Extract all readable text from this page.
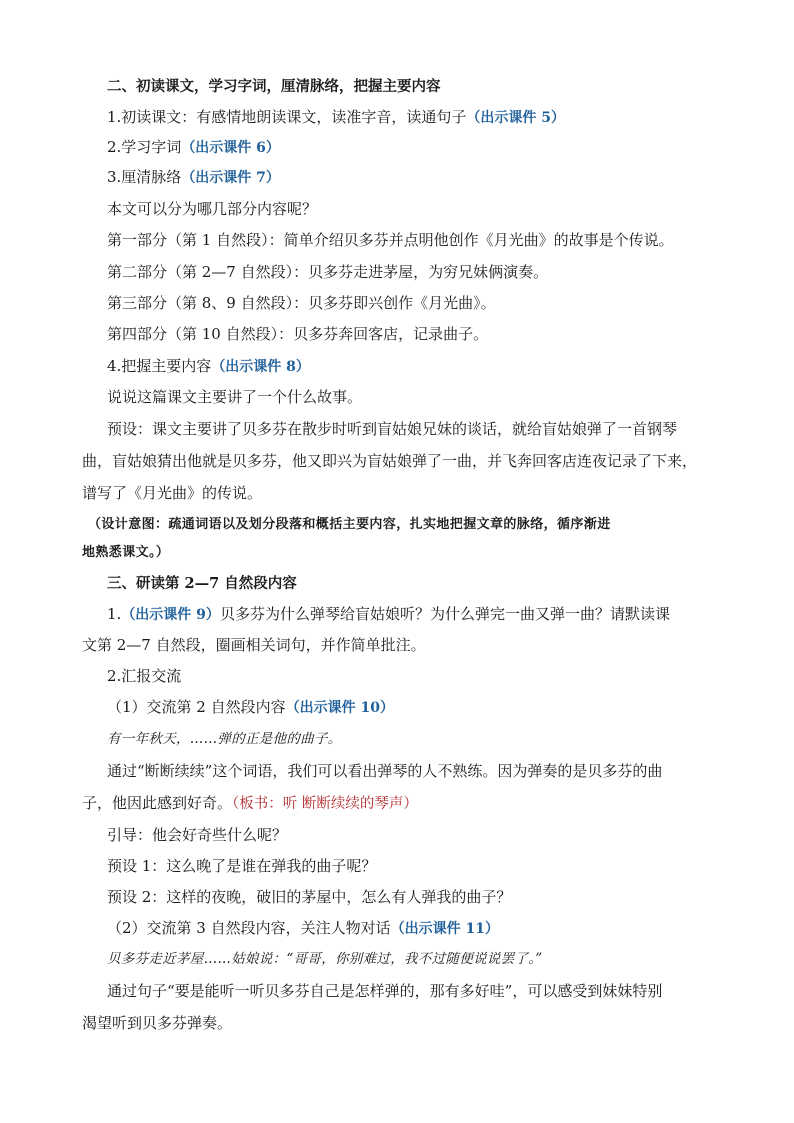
二、初读课文，学习字词，厘清脉络，把握主要内容
1.初读课文：有感情地朗读课文，读准字音，读通句子（出示课件 5）
2.学习字词（出示课件 6）
3.厘清脉络（出示课件 7）
本文可以分为哪几部分内容呢？
第一部分（第 1 自然段）：简单介绍贝多芬并点明他创作《月光曲》的故事是个传说。
第二部分（第 2—7 自然段）：贝多芬走进茅屋，为穷兄妹俩演奏。
第三部分（第 8、9 自然段）：贝多芬即兴创作《月光曲》。
第四部分（第 10 自然段）：贝多芬奔回客店，记录曲子。
4.把握主要内容（出示课件 8）
说说这篇课文主要讲了一个什么故事。
预设：课文主要讲了贝多芬在散步时听到盲姑娘兄妹的谈话，就给盲姑娘弹了一首钢琴
曲，盲姑娘猜出他就是贝多芬，他又即兴为盲姑娘弹了一曲，并飞奔回客店连夜记录了下来，
谱写了《月光曲》的传说。
（设计意图：疏通词语以及划分段落和概括主要内容，扎实地把握文章的脉络，循序渐进
地熟悉课文。）
三、研读第 2—7 自然段内容
1.（出示课件 9）贝多芬为什么弹琴给盲姑娘听？为什么弹完一曲又弹一曲？请默读课
文第 2—7 自然段，圈画相关词句，并作简单批注。
2.汇报交流
（1）交流第 2 自然段内容（出示课件 10）
有一年秋天，……弹的正是他的曲子。
通过“断断续续”这个词语，我们可以看出弹琴的人不熟练。因为弹奏的是贝多芬的曲
子，他因此感到好奇。（板书：听 断断续续的琴声）
引导：他会好奇些什么呢？
预设 1：这么晚了是谁在弹我的曲子呢？
预设 2：这样的夜晚，破旧的茅屋中，怎么有人弹我的曲子？
（2）交流第 3 自然段内容，关注人物对话（出示课件 11）
贝多芬走近茅屋……姑娘说：“哥哥，你别难过，我不过随便说说罢了。”
通过句子“要是能听一听贝多芬自己是怎样弹的，那有多好哇”，可以感受到妹妹特别
渴望听到贝多芬弹奏。
